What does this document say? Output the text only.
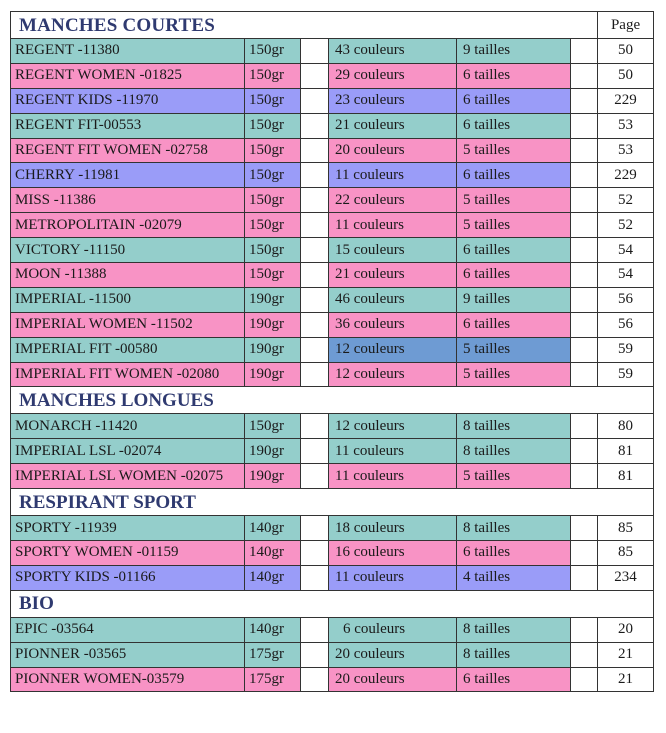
MANCHES COURTES						Page
REGENT -11380	150gr		43 couleurs	9 tailles		50
REGENT WOMEN -01825	150gr		29 couleurs	6 tailles		50
REGENT KIDS -11970	150gr		23 couleurs	6 tailles		229
REGENT FIT-00553	150gr		21 couleurs	6 tailles		53
REGENT FIT WOMEN -02758	150gr		20 couleurs	5 tailles		53
CHERRY -11981	150gr		11 couleurs	6 tailles		229
MISS -11386	150gr		22 couleurs	5 tailles		52
METROPOLITAIN -02079	150gr		11 couleurs	5 tailles		52
VICTORY -11150	150gr		15 couleurs	6 tailles		54
MOON -11388	150gr		21 couleurs	6 tailles		54
IMPERIAL -11500	190gr		46 couleurs	9 tailles		56
IMPERIAL WOMEN -11502	190gr		36 couleurs	6 tailles		56
IMPERIAL FIT -00580	190gr		12 couleurs	5 tailles		59
IMPERIAL FIT WOMEN -02080	190gr		12 couleurs	5 tailles		59
MANCHES LONGUES						
MONARCH -11420	150gr		12 couleurs	8 tailles		80
IMPERIAL LSL -02074	190gr		11 couleurs	8 tailles		81
IMPERIAL LSL WOMEN -02075	190gr		11 couleurs	5 tailles		81
RESPIRANT SPORT						
SPORTY -11939	140gr		18 couleurs	8 tailles		85
SPORTY WOMEN -01159	140gr		16 couleurs	6 tailles		85
SPORTY KIDS -01166	140gr		11 couleurs	4 tailles		234
BIO						
EPIC -03564	140gr		6 couleurs	8 tailles		20
PIONNER -03565	175gr		20 couleurs	8 tailles		21
PIONNER WOMEN-03579	175gr		20 couleurs	6 tailles		21
